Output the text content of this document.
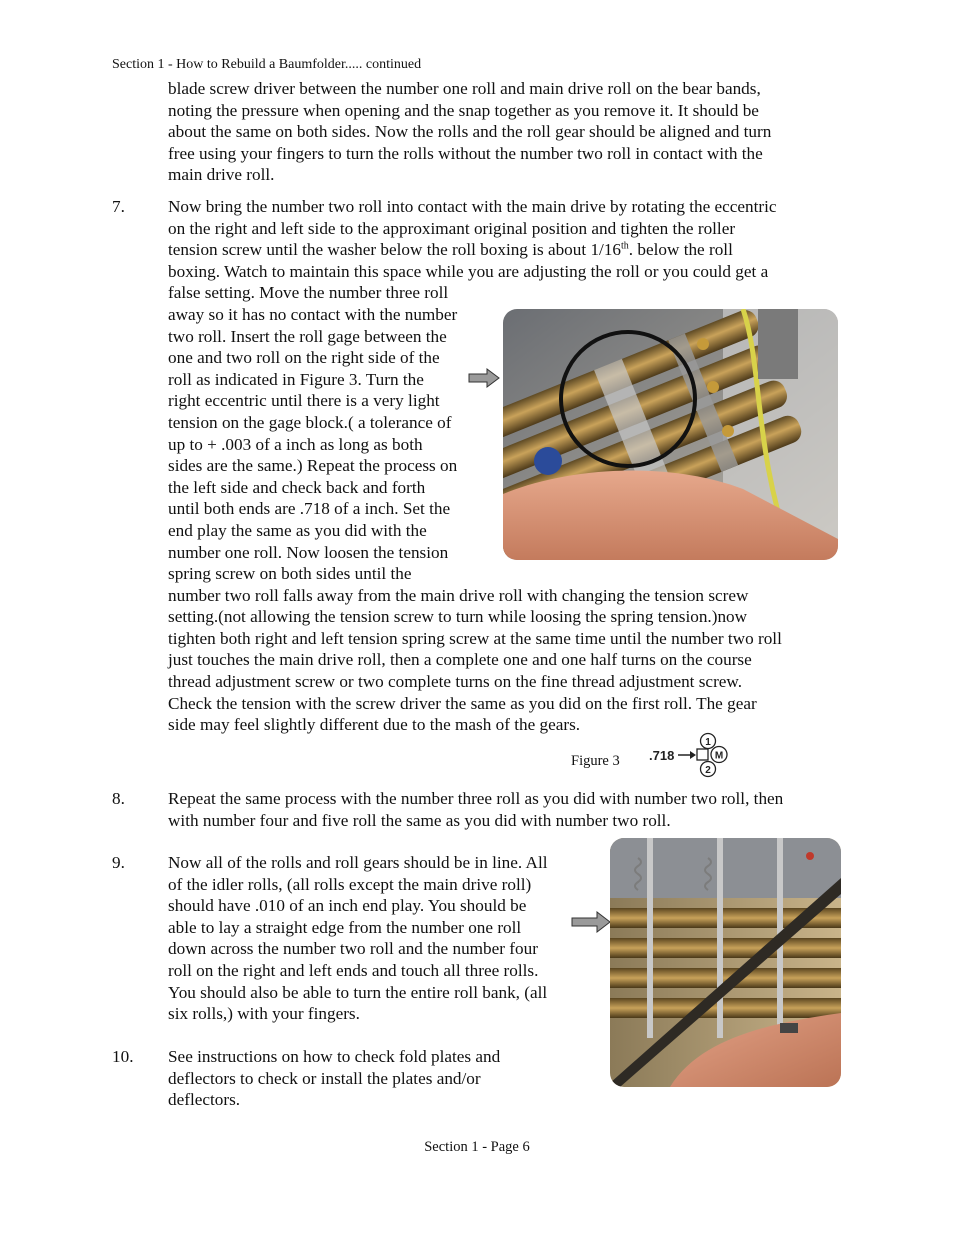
Section 1 - How to Rebuild a Baumfolder..... continued
blade screw driver between the number one roll and main drive roll on the bear bands,
noting the pressure when opening and the snap together as you remove it. It should be
about the same on both sides. Now the rolls and the roll gear should be aligned and turn
free using your fingers to turn the rolls without the number two roll in contact with the
main drive roll.
7.	Now bring the number two roll into contact with the main drive by rotating the eccentric
on the right and left side to the approximant original position and tighten the roller
tension screw until the washer below the roll boxing is about 1/16th. below the roll
boxing. Watch to maintain this space while you are adjusting the roll or you could get a
false setting. Move the number three roll
away so it has no contact with the number
two roll. Insert the roll gage between the
one and two roll on the right side of the
roll as indicated in Figure 3. Turn the
right eccentric until there is a very light
tension on the gage block.( a tolerance of
up to + .003 of a inch as long as both
sides are the same.) Repeat the process on
the left side and check back and forth
until both ends are .718 of a inch. Set the
end play the same as you did with the
number one roll. Now loosen the tension
spring screw on both sides until the
number two roll falls away from the main drive roll with changing the tension screw
setting.(not allowing the tension screw to turn while loosing the spring tension.)now
tighten both right and left tension spring screw at the same time until the number two roll
just touches the main drive roll, then a complete one and one half turns on the course
thread adjustment screw or two complete turns on the fine thread adjustment screw.
Check the tension with the screw driver the same as you did on the first roll. The gear
side may feel slightly different due to the mash of the gears.
Figure 3 .718
1
M
2
8.	Repeat the same process with the number three roll as you did with number two roll, then
with number four and five roll the same as you did with number two roll.
9.	Now all of the rolls and roll gears should be in line. All
of the idler rolls, (all rolls except the main drive roll)
should have .010 of an inch end play. You should be
able to lay a straight edge from the number one roll
down across the number two roll and the number four
roll on the right and left ends and touch all three rolls.
You should also be able to turn the entire roll bank, (all
six rolls,) with your fingers.
10. See instructions on how to check fold plates and
deflectors to check or install the plates and/or
deflectors.
Section 1 - Page 6
